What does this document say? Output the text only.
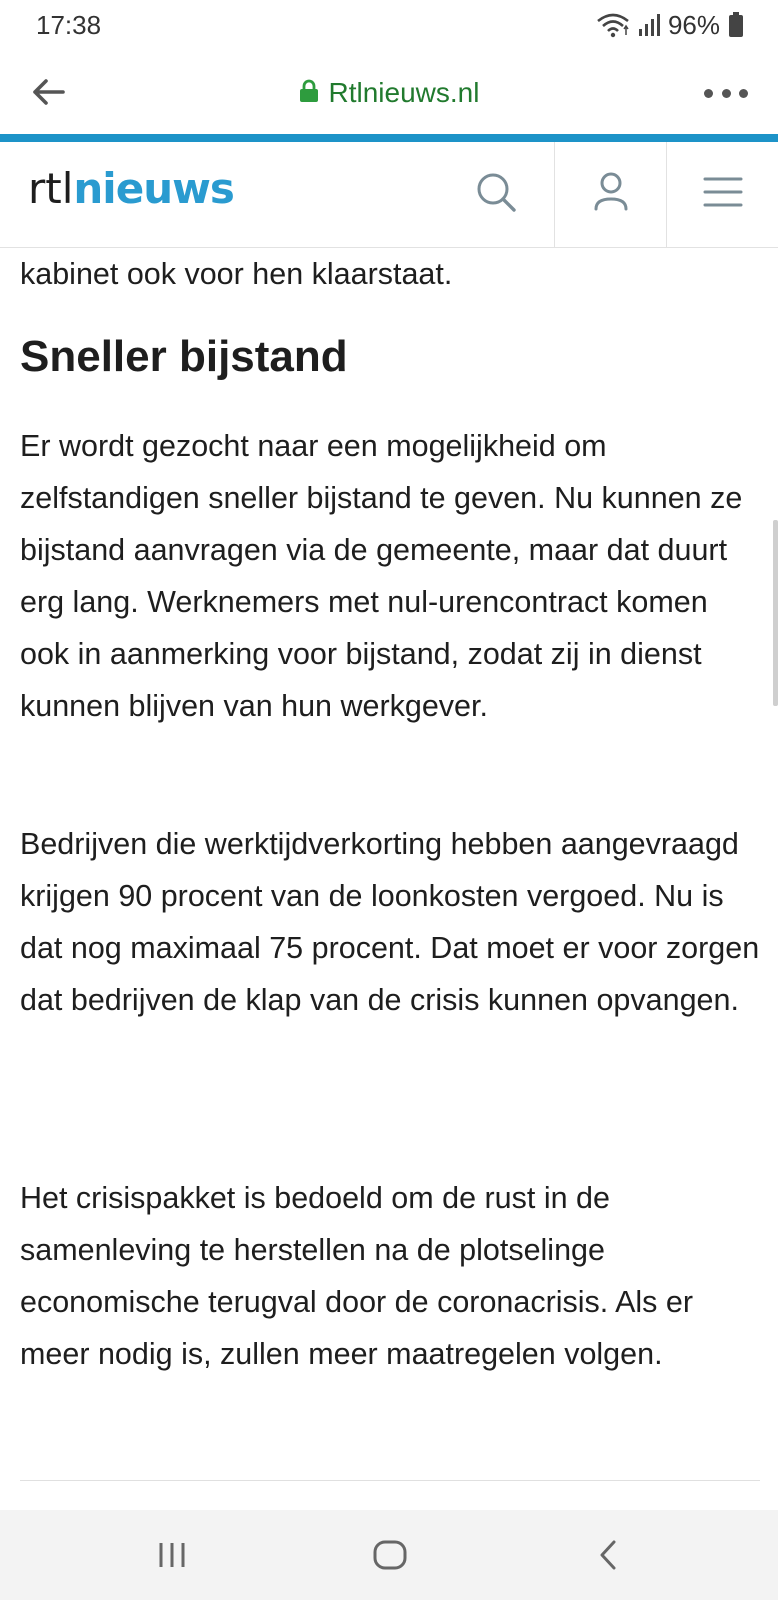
17:38	96%
Rtlnieuws.nl
rtlnieuws

kabinet ook voor hen klaarstaat.

Sneller bijstand

Er wordt gezocht naar een mogelijkheid om zelfstandigen sneller bijstand te geven. Nu kunnen ze bijstand aanvragen via de gemeente, maar dat duurt erg lang. Werknemers met nul-urencontract komen ook in aanmerking voor bijstand, zodat zij in dienst kunnen blijven van hun werkgever.

Bedrijven die werktijdverkorting hebben aangevraagd krijgen 90 procent van de loonkosten vergoed. Nu is dat nog maximaal 75 procent. Dat moet er voor zorgen dat bedrijven de klap van de crisis kunnen opvangen.

Het crisispakket is bedoeld om de rust in de samenleving te herstellen na de plotselinge economische terugval door de coronacrisis. Als er meer nodig is, zullen meer maatregelen volgen.
